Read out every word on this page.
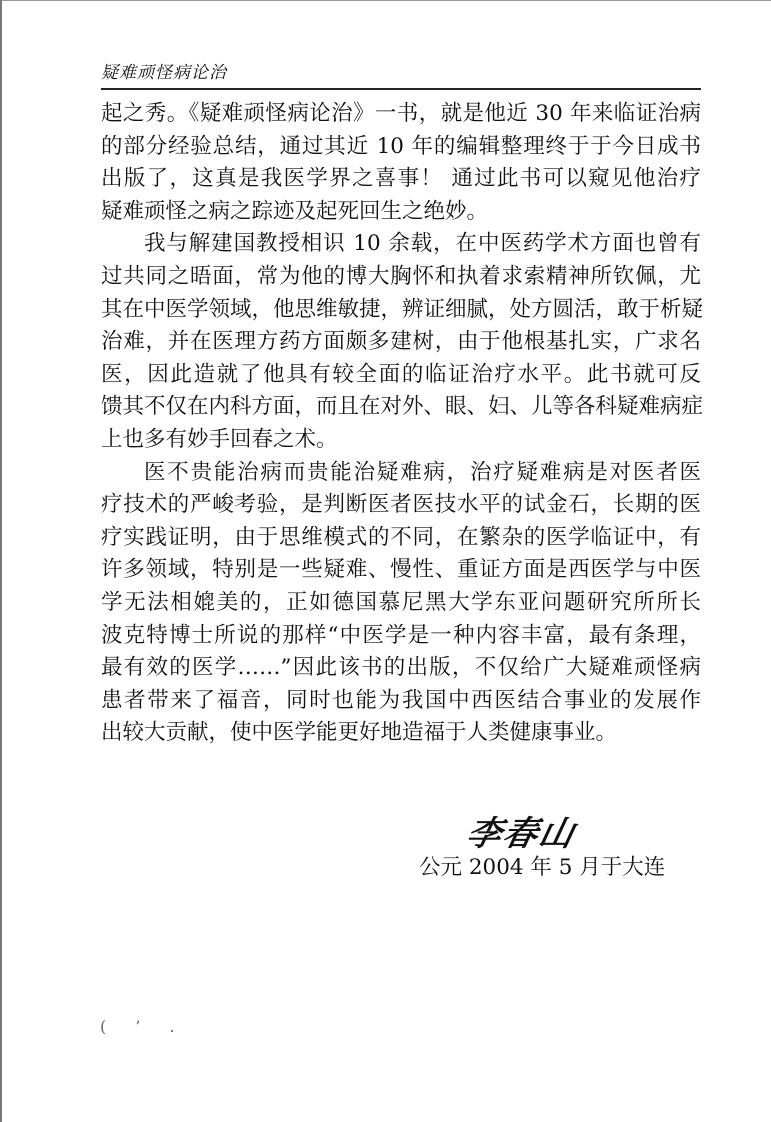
疑难顽怪病论治
起之秀。《疑难顽怪病论治》一书，就是他近 30 年来临证治病
的部分经验总结，通过其近 10 年的编辑整理终于于今日成书
出版了，这真是我医学界之喜事！ 通过此书可以窥见他治疗
疑难顽怪之病之踪迹及起死回生之绝妙。
我与解建国教授相识 10 余载，在中医药学术方面也曾有
过共同之晤面，常为他的博大胸怀和执着求索精神所钦佩，尤
其在中医学领域，他思维敏捷，辨证细腻，处方圆活，敢于析疑
治难，并在医理方药方面颇多建树，由于他根基扎实，广求名
医，因此造就了他具有较全面的临证治疗水平。此书就可反
馈其不仅在内科方面，而且在对外、眼、妇、儿等各科疑难病症
上也多有妙手回春之术。
医不贵能治病而贵能治疑难病，治疗疑难病是对医者医
疗技术的严峻考验，是判断医者医技水平的试金石，长期的医
疗实践证明，由于思维模式的不同，在繁杂的医学临证中，有
许多领域，特别是一些疑难、慢性、重证方面是西医学与中医
学无法相媲美的，正如德国慕尼黑大学东亚问题研究所所长
波克特博士所说的那样“中医学是一种内容丰富，最有条理，
最有效的医学……”因此该书的出版，不仅给广大疑难顽怪病
患者带来了福音，同时也能为我国中西医结合事业的发展作
出较大贡献，使中医学能更好地造福于人类健康事业。
李春山
公元 2004 年 5 月于大连
( ’ .
